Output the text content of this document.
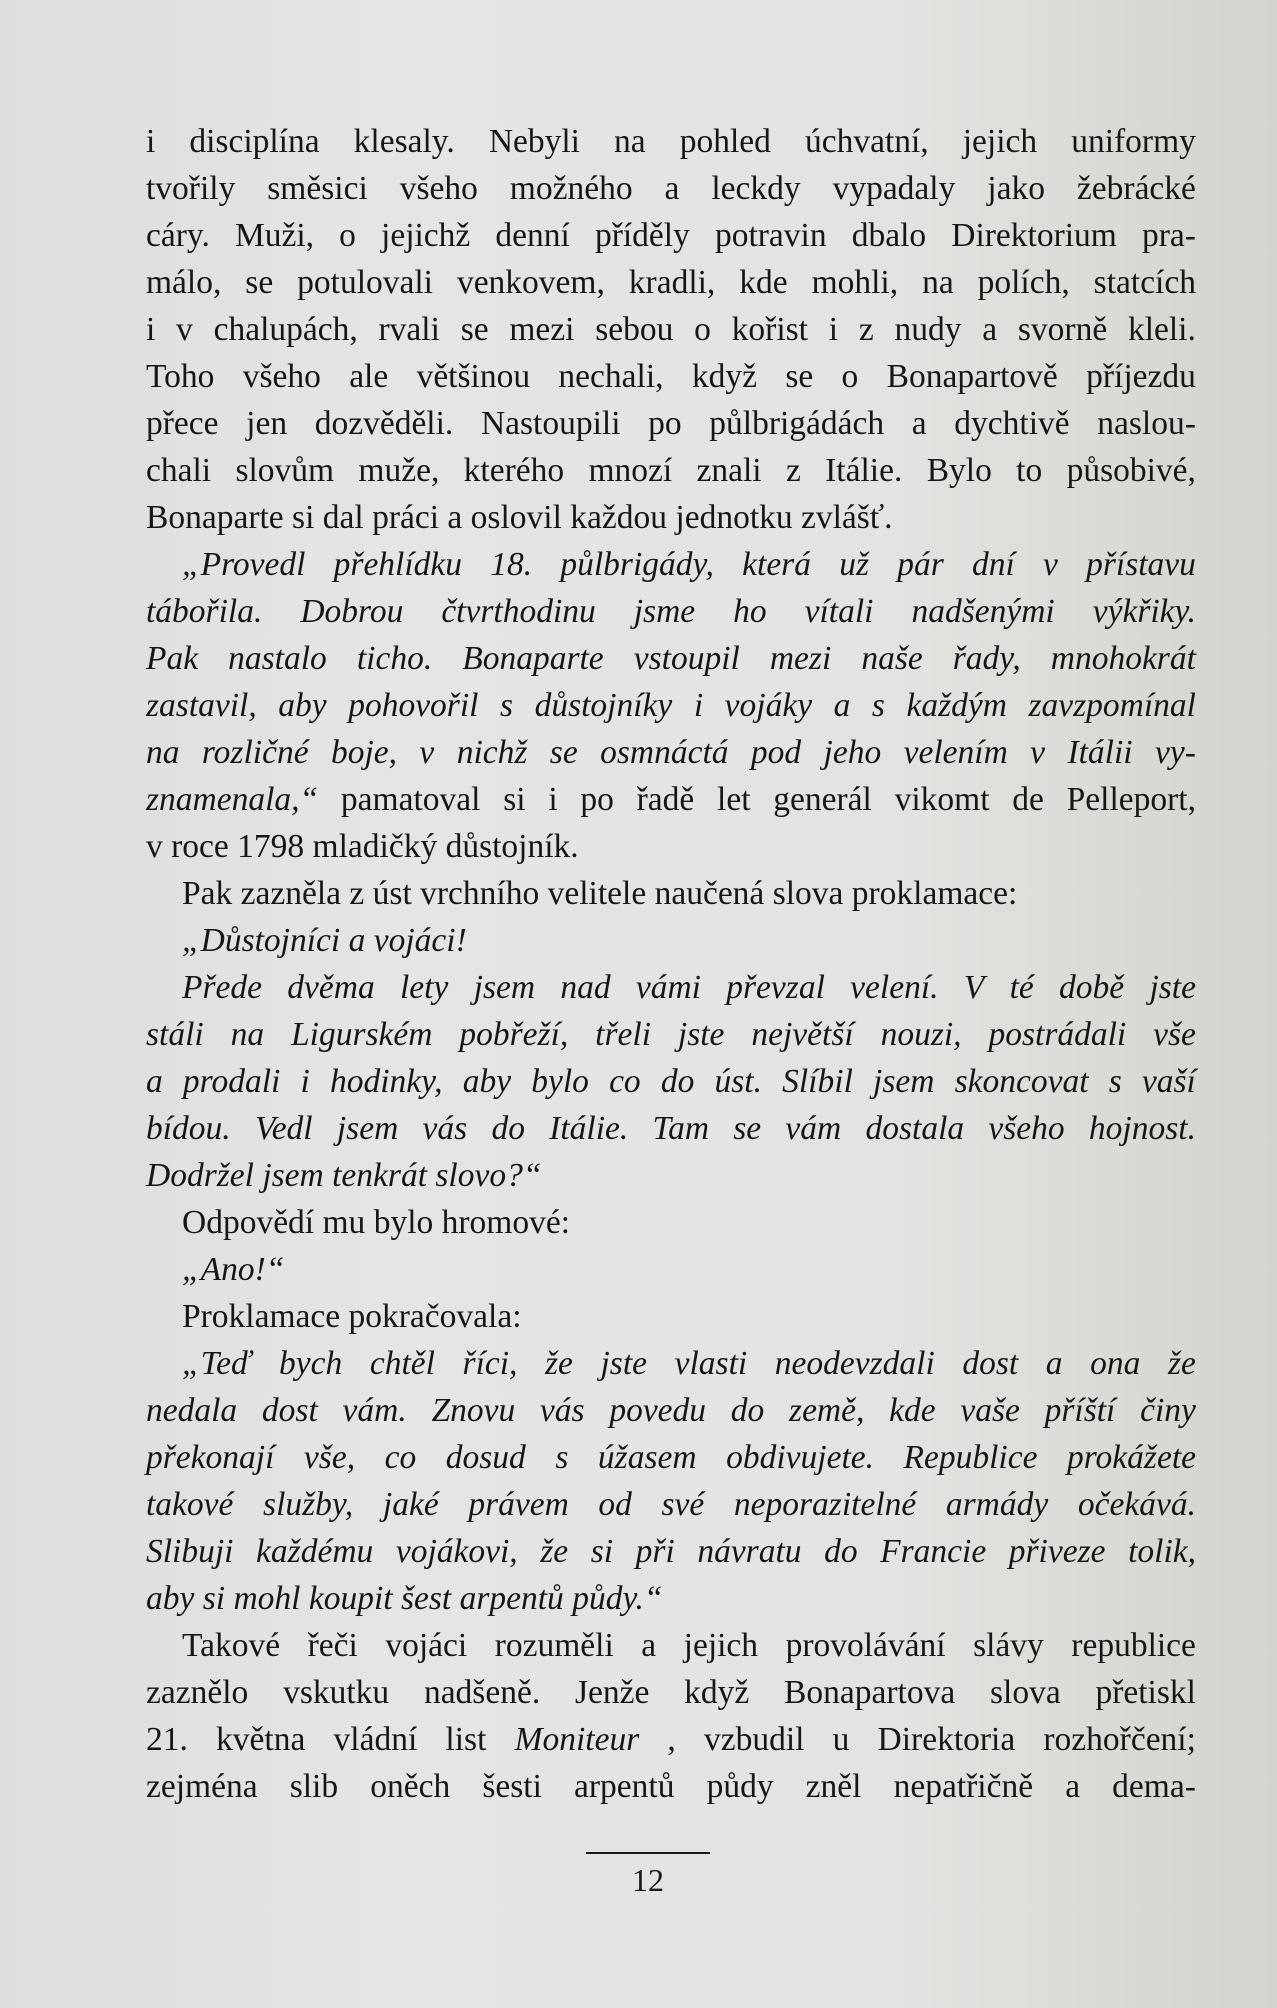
i disciplína klesaly. Nebyli na pohled úchvatní, jejich uniformy
tvořily směsici všeho možného a leckdy vypadaly jako žebrácké
cáry. Muži, o jejichž denní příděly potravin dbalo Direktorium pra-
málo, se potulovali venkovem, kradli, kde mohli, na polích, statcích
i v chalupách, rvali se mezi sebou o kořist i z nudy a svorně kleli.
Toho všeho ale většinou nechali, když se o Bonapartově příjezdu
přece jen dozvěděli. Nastoupili po půlbrigádách a dychtivě naslou-
chali slovům muže, kterého mnozí znali z Itálie. Bylo to působivé,
Bonaparte si dal práci a oslovil každou jednotku zvlášť.
„Provedl přehlídku 18. půlbrigády, která už pár dní v přístavu
tábořila. Dobrou čtvrthodinu jsme ho vítali nadšenými výkřiky.
Pak nastalo ticho. Bonaparte vstoupil mezi naše řady, mnohokrát
zastavil, aby pohovořil s důstojníky i vojáky a s každým zavzpomínal
na rozličné boje, v nichž se osmnáctá pod jeho velením v Itálii vy-
znamenala,“ pamatoval si i po řadě let generál vikomt de Pelleport,
v roce 1798 mladičký důstojník.
Pak zazněla z úst vrchního velitele naučená slova proklamace:
„Důstojníci a vojáci!
Přede dvěma lety jsem nad vámi převzal velení. V té době jste
stáli na Ligurském pobřeží, třeli jste největší nouzi, postrádali vše
a prodali i hodinky, aby bylo co do úst. Slíbil jsem skoncovat s vaší
bídou. Vedl jsem vás do Itálie. Tam se vám dostala všeho hojnost.
Dodržel jsem tenkrát slovo?“
Odpovědí mu bylo hromové:
„Ano!“
Proklamace pokračovala:
„Teď bych chtěl říci, že jste vlasti neodevzdali dost a ona že
nedala dost vám. Znovu vás povedu do země, kde vaše příští činy
překonají vše, co dosud s úžasem obdivujete. Republice prokážete
takové služby, jaké právem od své neporazitelné armády očekává.
Slibuji každému vojákovi, že si při návratu do Francie přiveze tolik,
aby si mohl koupit šest arpentů půdy.“
Takové řeči vojáci rozuměli a jejich provolávání slávy republice
zaznělo vskutku nadšeně. Jenže když Bonapartova slova přetiskl
21. května vládní list Moniteur , vzbudil u Direktoria rozhořčení;
zejména slib oněch šesti arpentů půdy zněl nepatřičně a dema-
12
